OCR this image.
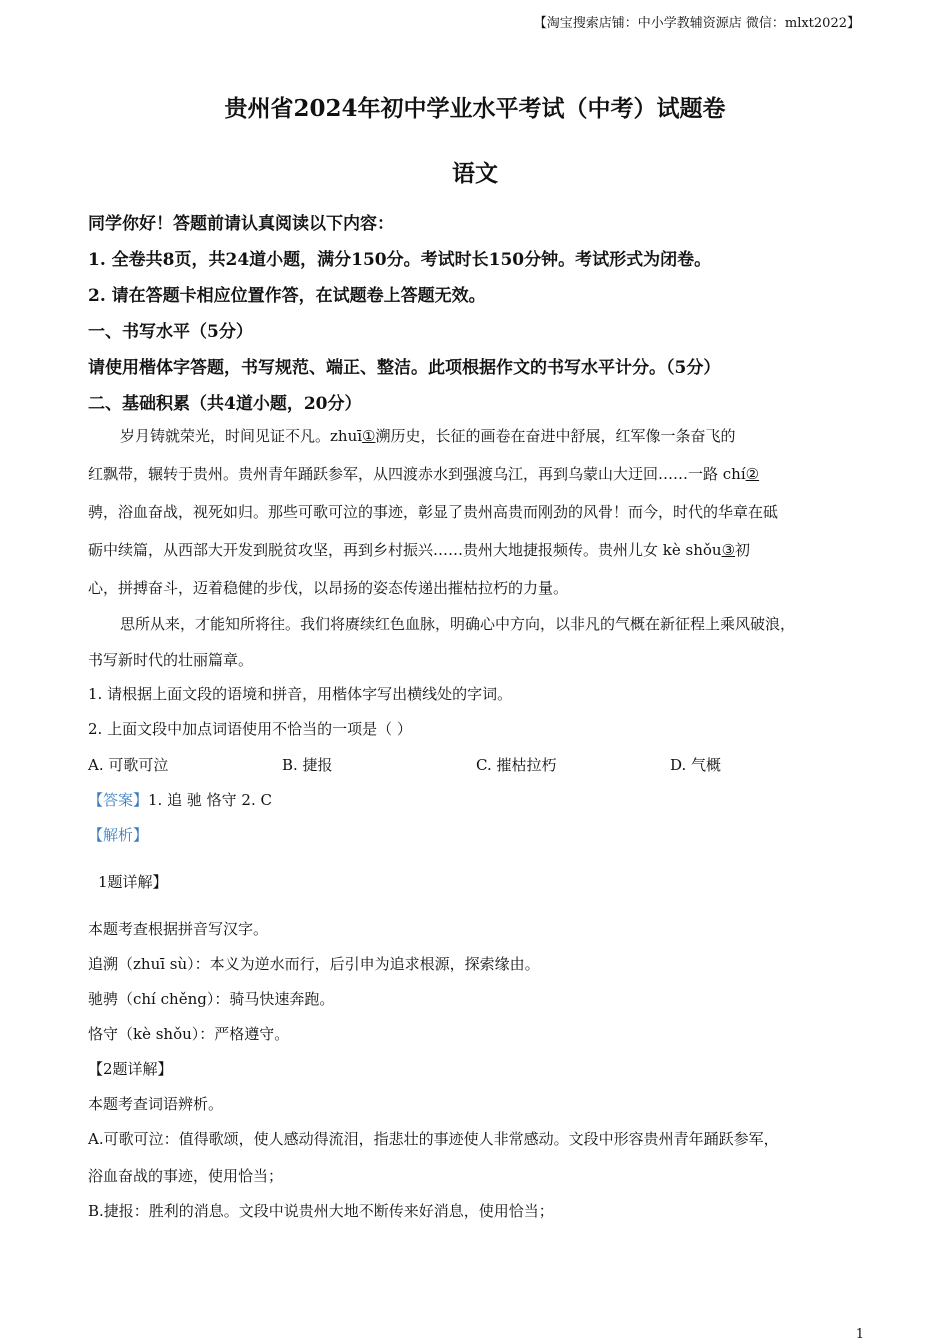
【淘宝搜索店铺：中小学教辅资源店 微信：mlxt2022】
贵州省2024年初中学业水平考试（中考）试题卷
语文
同学你好！答题前请认真阅读以下内容：
1. 全卷共8页，共24道小题，满分150分。考试时长150分钟。考试形式为闭卷。
2. 请在答题卡相应位置作答，在试题卷上答题无效。
一、书写水平（5分）
请使用楷体字答题，书写规范、端正、整洁。此项根据作文的书写水平计分。（5分）
二、基础积累（共4道小题，20分）
岁月铸就荣光，时间见证不凡。zhuī①溯历史，长征的画卷在奋进中舒展，红军像一条奋飞的
红飘带，辗转于贵州。贵州青年踊跃参军，从四渡赤水到强渡乌江，再到乌蒙山大迂回……一路 chí②
骋，浴血奋战，视死如归。那些可歌可泣的事迹，彰显了贵州高贵而刚劲的风骨！而今，时代的华章在砥
砺中续篇，从西部大开发到脱贫攻坚，再到乡村振兴……贵州大地捷报频传。贵州儿女 kè shǒu③初
心，拼搏奋斗，迈着稳健的步伐，以昂扬的姿态传递出摧枯拉朽的力量。
思所从来，才能知所将往。我们将赓续红色血脉，明确心中方向，以非凡的气概在新征程上乘风破浪，
书写新时代的壮丽篇章。
1. 请根据上面文段的语境和拼音，用楷体字写出横线处的字词。
2. 上面文段中加点词语使用不恰当的一项是（ ）
A. 可歌可泣	B. 捷报	C. 摧枯拉朽	D. 气概
【答案】1. 追 驰 恪守 2. C
【解析】
1题详解】
本题考查根据拼音写汉字。
追溯（zhuī sù）：本义为逆水而行，后引申为追求根源，探索缘由。
驰骋（chí chěng）：骑马快速奔跑。
恪守（kè shǒu）：严格遵守。
【2题详解】
本题考查词语辨析。
A.可歌可泣：值得歌颂，使人感动得流泪，指悲壮的事迹使人非常感动。文段中形容贵州青年踊跃参军，
浴血奋战的事迹，使用恰当；
B.捷报：胜利的消息。文段中说贵州大地不断传来好消息，使用恰当；
1
